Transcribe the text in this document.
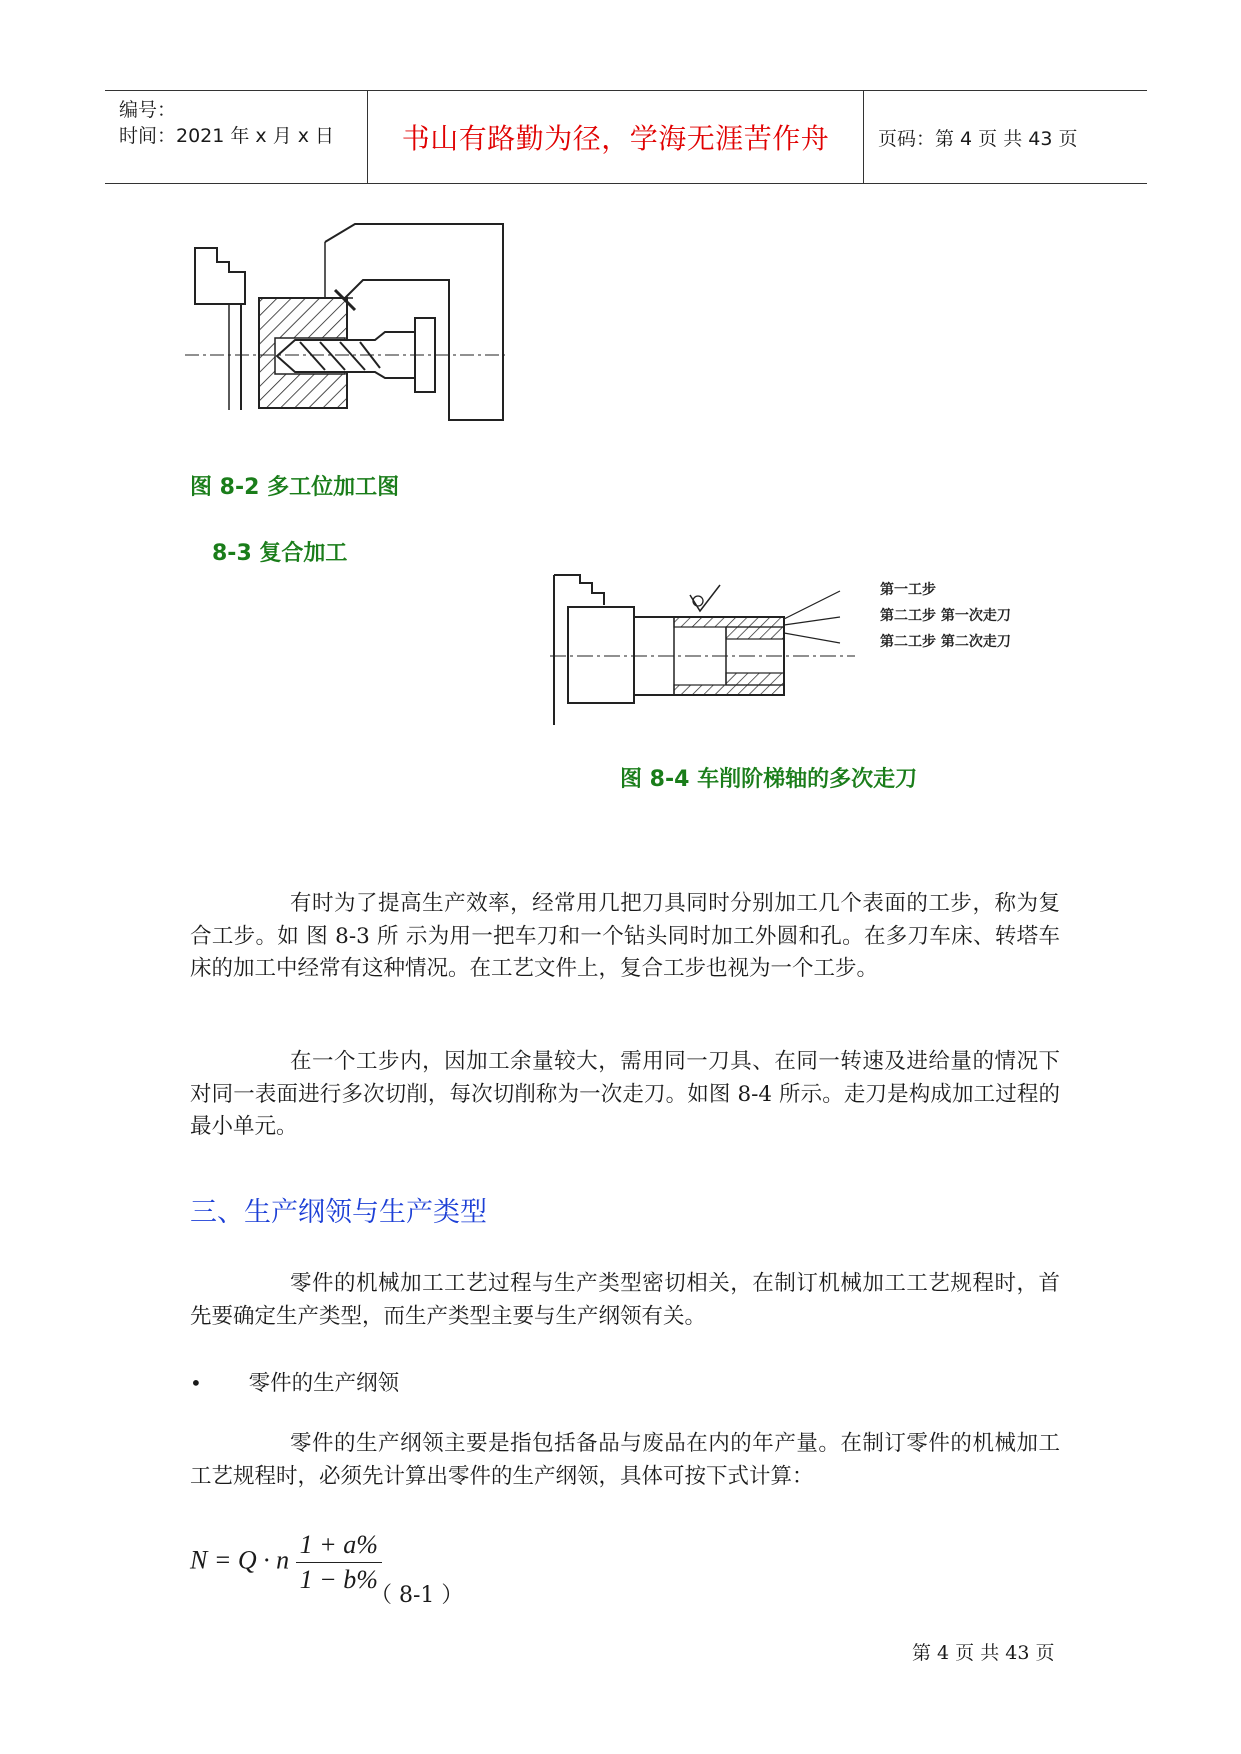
编号：
时间：2021 年 x 月 x 日 书山有路勤为径，学海无涯苦作舟	页码：第 4 页 共 43 页
图 8-2 多工位加工图
8-3 复合加工
第一工步
第二工步 第一次走刀
第二工步 第二次走刀
图 8-4 车削阶梯轴的多次走刀
有时为了提高生产效率，经常用几把刀具同时分别加工几个表面的工步，称为复合工步。如 图 8-3 所 示为用一把车刀和一个钻头同时加工外圆和孔。在多刀车床、转塔车床的加工中经常有这种情况。在工艺文件上，复合工步也视为一个工步。
在一个工步内，因加工余量较大，需用同一刀具、在同一转速及进给量的情况下对同一表面进行多次切削，每次切削称为一次走刀。如图 8-4 所示。走刀是构成加工过程的最小单元。
三、生产纲领与生产类型
零件的机械加工工艺过程与生产类型密切相关，在制订机械加工工艺规程时，首先要确定生产类型，而生产类型主要与生产纲领有关。
• 零件的生产纲领
零件的生产纲领主要是指包括备品与废品在内的年产量。在制订零件的机械加工工艺规程时，必须先计算出零件的生产纲领，具体可按下式计算：
N = Q · n $\frac{1 + a\%}{1 - b\%}$
（ 8-1 ）
第 4 页 共 43 页
